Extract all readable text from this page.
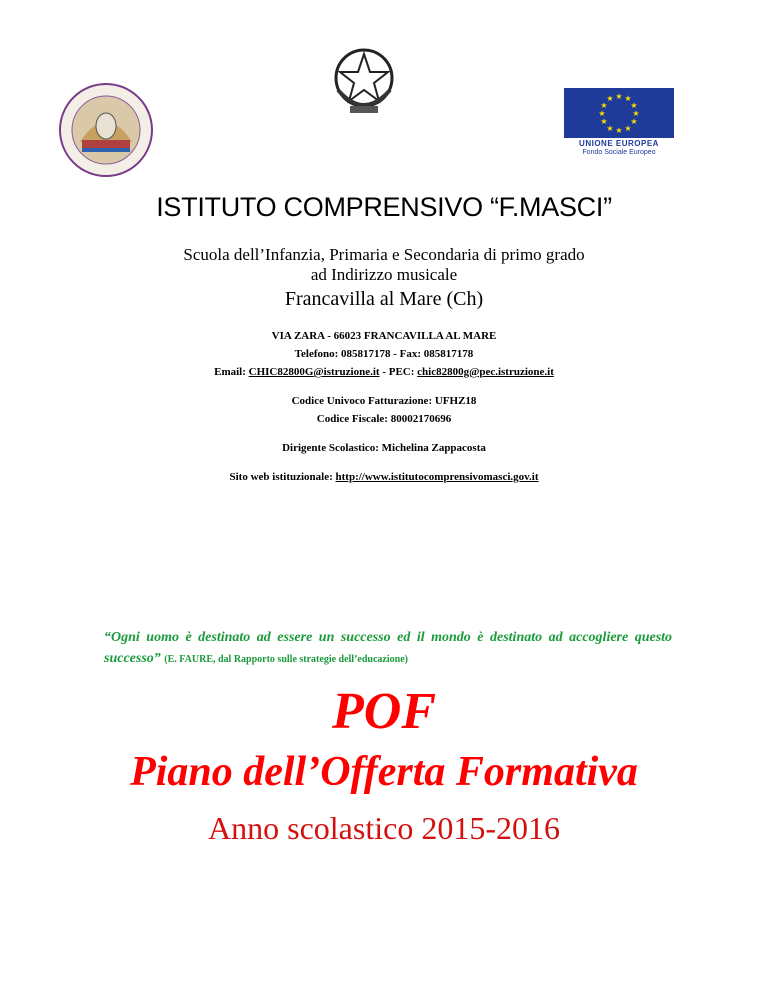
★ ★
★
★
★
★
★
★
★
★
★
★
UNIONE EUROPEA
Fondo Sociale Europeo
ISTITUTO COMPRENSIVO “F.MASCI”
Scuola dell’Infanzia, Primaria e Secondaria di primo grado
ad Indirizzo musicale
Francavilla al Mare (Ch)
VIA ZARA - 66023 FRANCAVILLA AL MARE
Telefono: 085817178 - Fax: 085817178
Email: CHIC82800G@istruzione.it - PEC: chic82800g@pec.istruzione.it
Codice Univoco Fatturazione: UFHZ18
Codice Fiscale: 80002170696
Dirigente Scolastico: Michelina Zappacosta
Sito web istituzionale: http://www.istitutocomprensivomasci.gov.it
“Ogni uomo è destinato ad essere un successo ed il mondo è destinato ad accogliere questo
successo” (E. FAURE, dal Rapporto sulle strategie dell’educazione)
POF
Piano dell’Offerta Formativa
Anno scolastico 2015-2016
